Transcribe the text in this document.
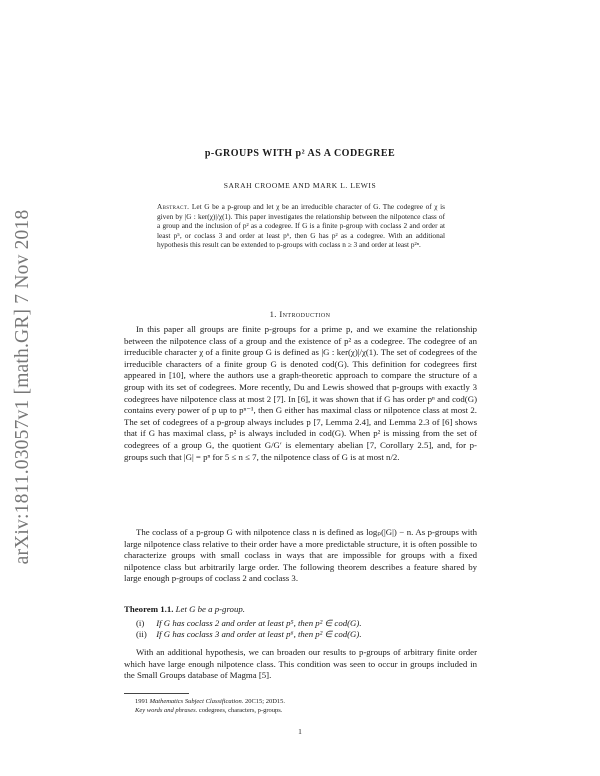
arXiv:1811.03057v1 [math.GR] 7 Nov 2018
p-GROUPS WITH p² AS A CODEGREE
SARAH CROOME AND MARK L. LEWIS
Abstract. Let G be a p-group and let χ be an irreducible character of G. The codegree of χ is given by |G : ker(χ)|/χ(1). This paper investigates the relationship between the nilpotence class of a group and the inclusion of p² as a codegree. If G is a finite p-group with coclass 2 and order at least p⁵, or coclass 3 and order at least p⁶, then G has p² as a codegree. With an additional hypothesis this result can be extended to p-groups with coclass n ≥ 3 and order at least p²ⁿ.
1. Introduction

In this paper all groups are finite p-groups for a prime p, and we examine the relationship between the nilpotence class of a group and the existence of p² as a codegree. The codegree of an irreducible character χ of a finite group G is defined as |G : ker(χ)|/χ(1). The set of codegrees of the irreducible characters of a finite group G is denoted cod(G). This definition for codegrees first appeared in [10], where the authors use a graph-theoretic approach to compare the structure of a group with its set of codegrees. More recently, Du and Lewis showed that p-groups with exactly 3 codegrees have nilpotence class at most 2 [7]. In [6], it was shown that if G has order pⁿ and cod(G) contains every power of p up to pⁿ⁻¹, then G either has maximal class or nilpotence class at most 2. The set of codegrees of a p-group always includes p [7, Lemma 2.4], and Lemma 2.3 of [6] shows that if G has maximal class, p² is always included in cod(G). When p² is missing from the set of codegrees of a group G, the quotient G/G′ is elementary abelian [7, Corollary 2.5], and, for p-groups such that |G| = pⁿ for 5 ≤ n ≤ 7, the nilpotence class of G is at most n/2.

The coclass of a p-group G with nilpotence class n is defined as logₚ(|G|) − n. As p-groups with large nilpotence class relative to their order have a more predictable structure, it is often possible to characterize groups with small coclass in ways that are impossible for groups with a fixed nilpotence class but arbitrarily large order. The following theorem describes a feature shared by large enough p-groups of coclass 2 and coclass 3.

Theorem 1.1. Let G be a p-group.
(i) If G has coclass 2 and order at least p⁵, then p² ∈ cod(G).
(ii) If G has coclass 3 and order at least p⁶, then p² ∈ cod(G).

With an additional hypothesis, we can broaden our results to p-groups of arbitrary finite order which have large enough nilpotence class. This condition was seen to occur in groups included in the Small Groups database of Magma [5].

1991 Mathematics Subject Classification. 20C15; 20D15.
Key words and phrases. codegrees, characters, p-groups.
1
